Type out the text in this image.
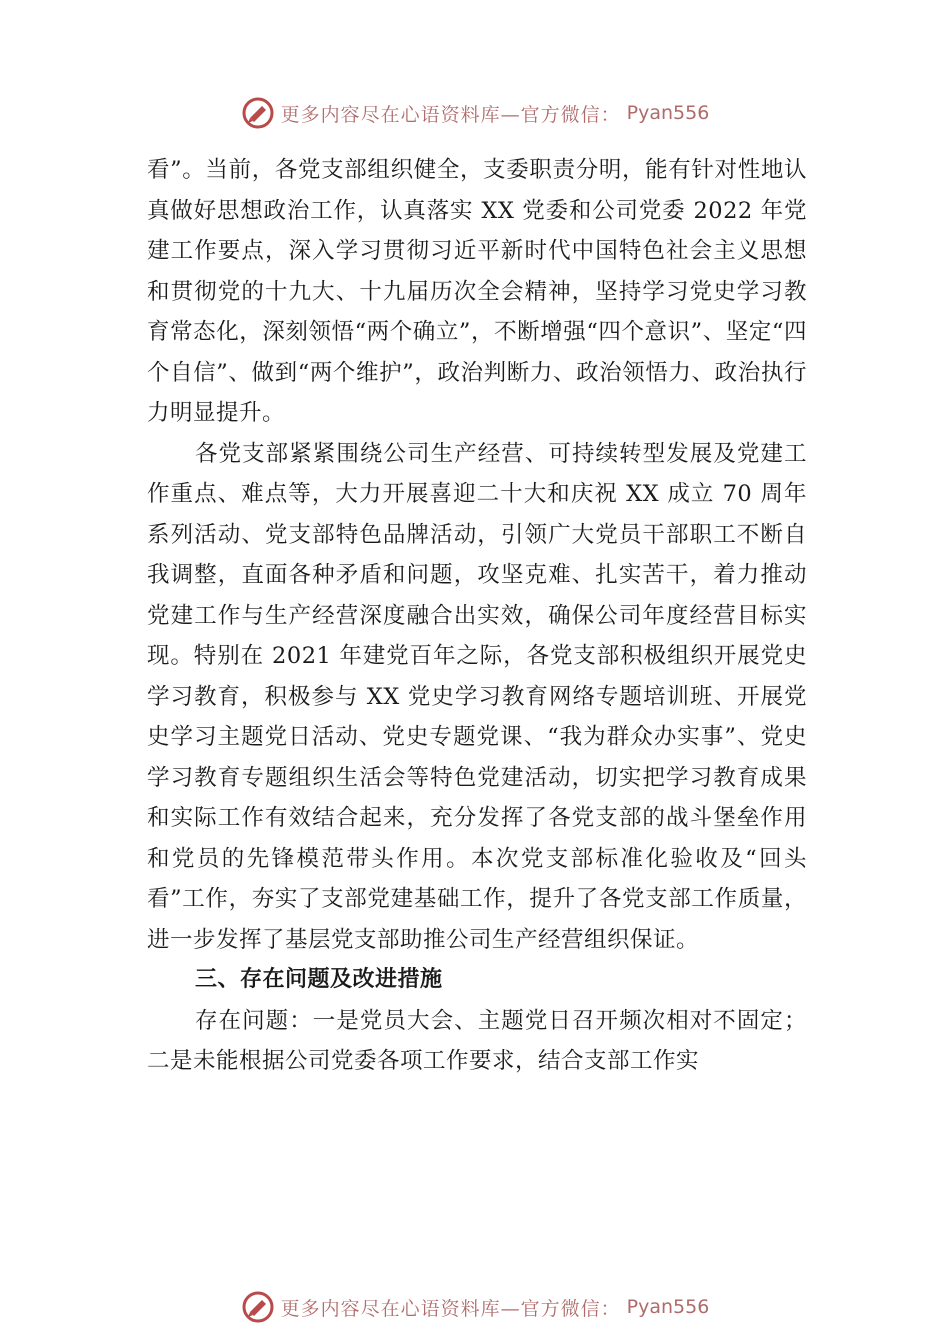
更多内容尽在心语资料库—官方微信： Pyan556

看”。当前，各党支部组织健全，支委职责分明，能有针对性地认真做好思想政治工作，认真落实 XX 党委和公司党委 2022 年党建工作要点，深入学习贯彻习近平新时代中国特色社会主义思想和贯彻党的十九大、十九届历次全会精神，坚持学习党史学习教育常态化，深刻领悟“两个确立”，不断增强“四个意识”、坚定“四个自信”、做到“两个维护”，政治判断力、政治领悟力、政治执行力明显提升。

各党支部紧紧围绕公司生产经营、可持续转型发展及党建工作重点、难点等，大力开展喜迎二十大和庆祝 XX 成立 70 周年系列活动、党支部特色品牌活动，引领广大党员干部职工不断自我调整，直面各种矛盾和问题，攻坚克难、扎实苦干，着力推动党建工作与生产经营深度融合出实效，确保公司年度经营目标实现。特别在 2021 年建党百年之际，各党支部积极组织开展党史学习教育，积极参与 XX 党史学习教育网络专题培训班、开展党史学习主题党日活动、党史专题党课、“我为群众办实事”、党史学习教育专题组织生活会等特色党建活动，切实把学习教育成果和实际工作有效结合起来，充分发挥了各党支部的战斗堡垒作用和党员的先锋模范带头作用。本次党支部标准化验收及“回头看”工作，夯实了支部党建基础工作，提升了各党支部工作质量，进一步发挥了基层党支部助推公司生产经营组织保证。

三、存在问题及改进措施

存在问题：一是党员大会、主题党日召开频次相对不固定；二是未能根据公司党委各项工作要求，结合支部工作实

更多内容尽在心语资料库—官方微信： Pyan556
